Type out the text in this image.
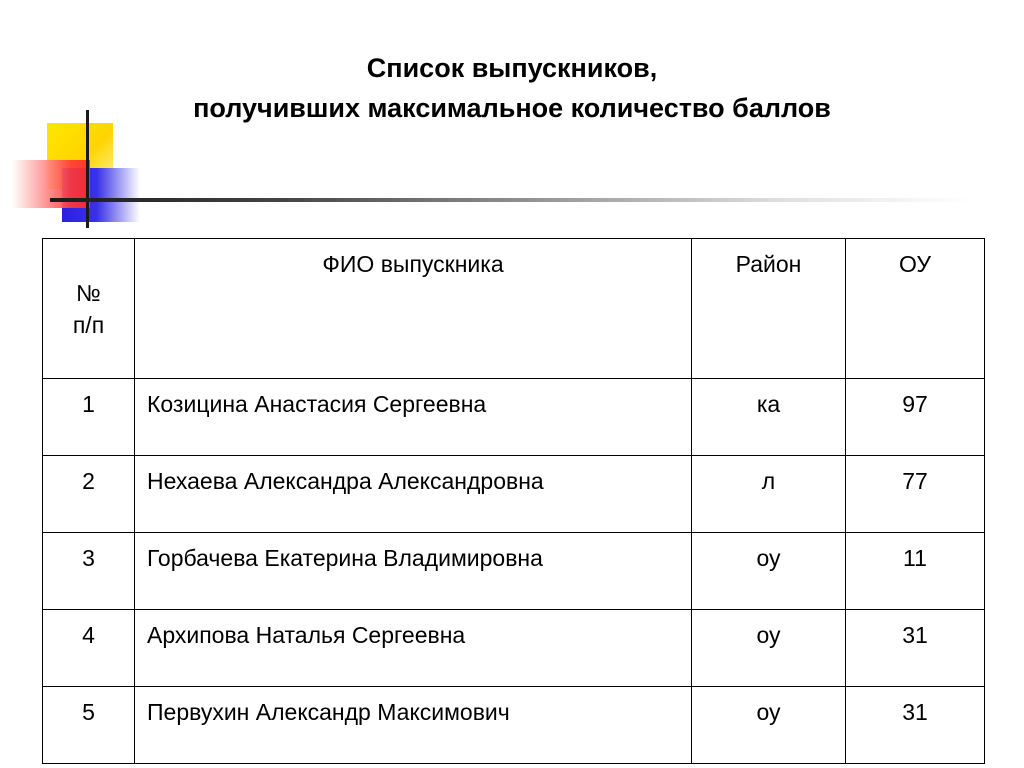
Список выпускников,
получивших максимальное количество баллов
№
п/п	ФИО выпускника	Район	ОУ
1	Козицина Анастасия Сергеевна	ка	97
2	Нехаева Александра Александровна	л	77
3	Горбачева Екатерина Владимировна	оу	11
4	Архипова Наталья Сергеевна	оу	31
5	Первухин Александр Максимович	оу	31
